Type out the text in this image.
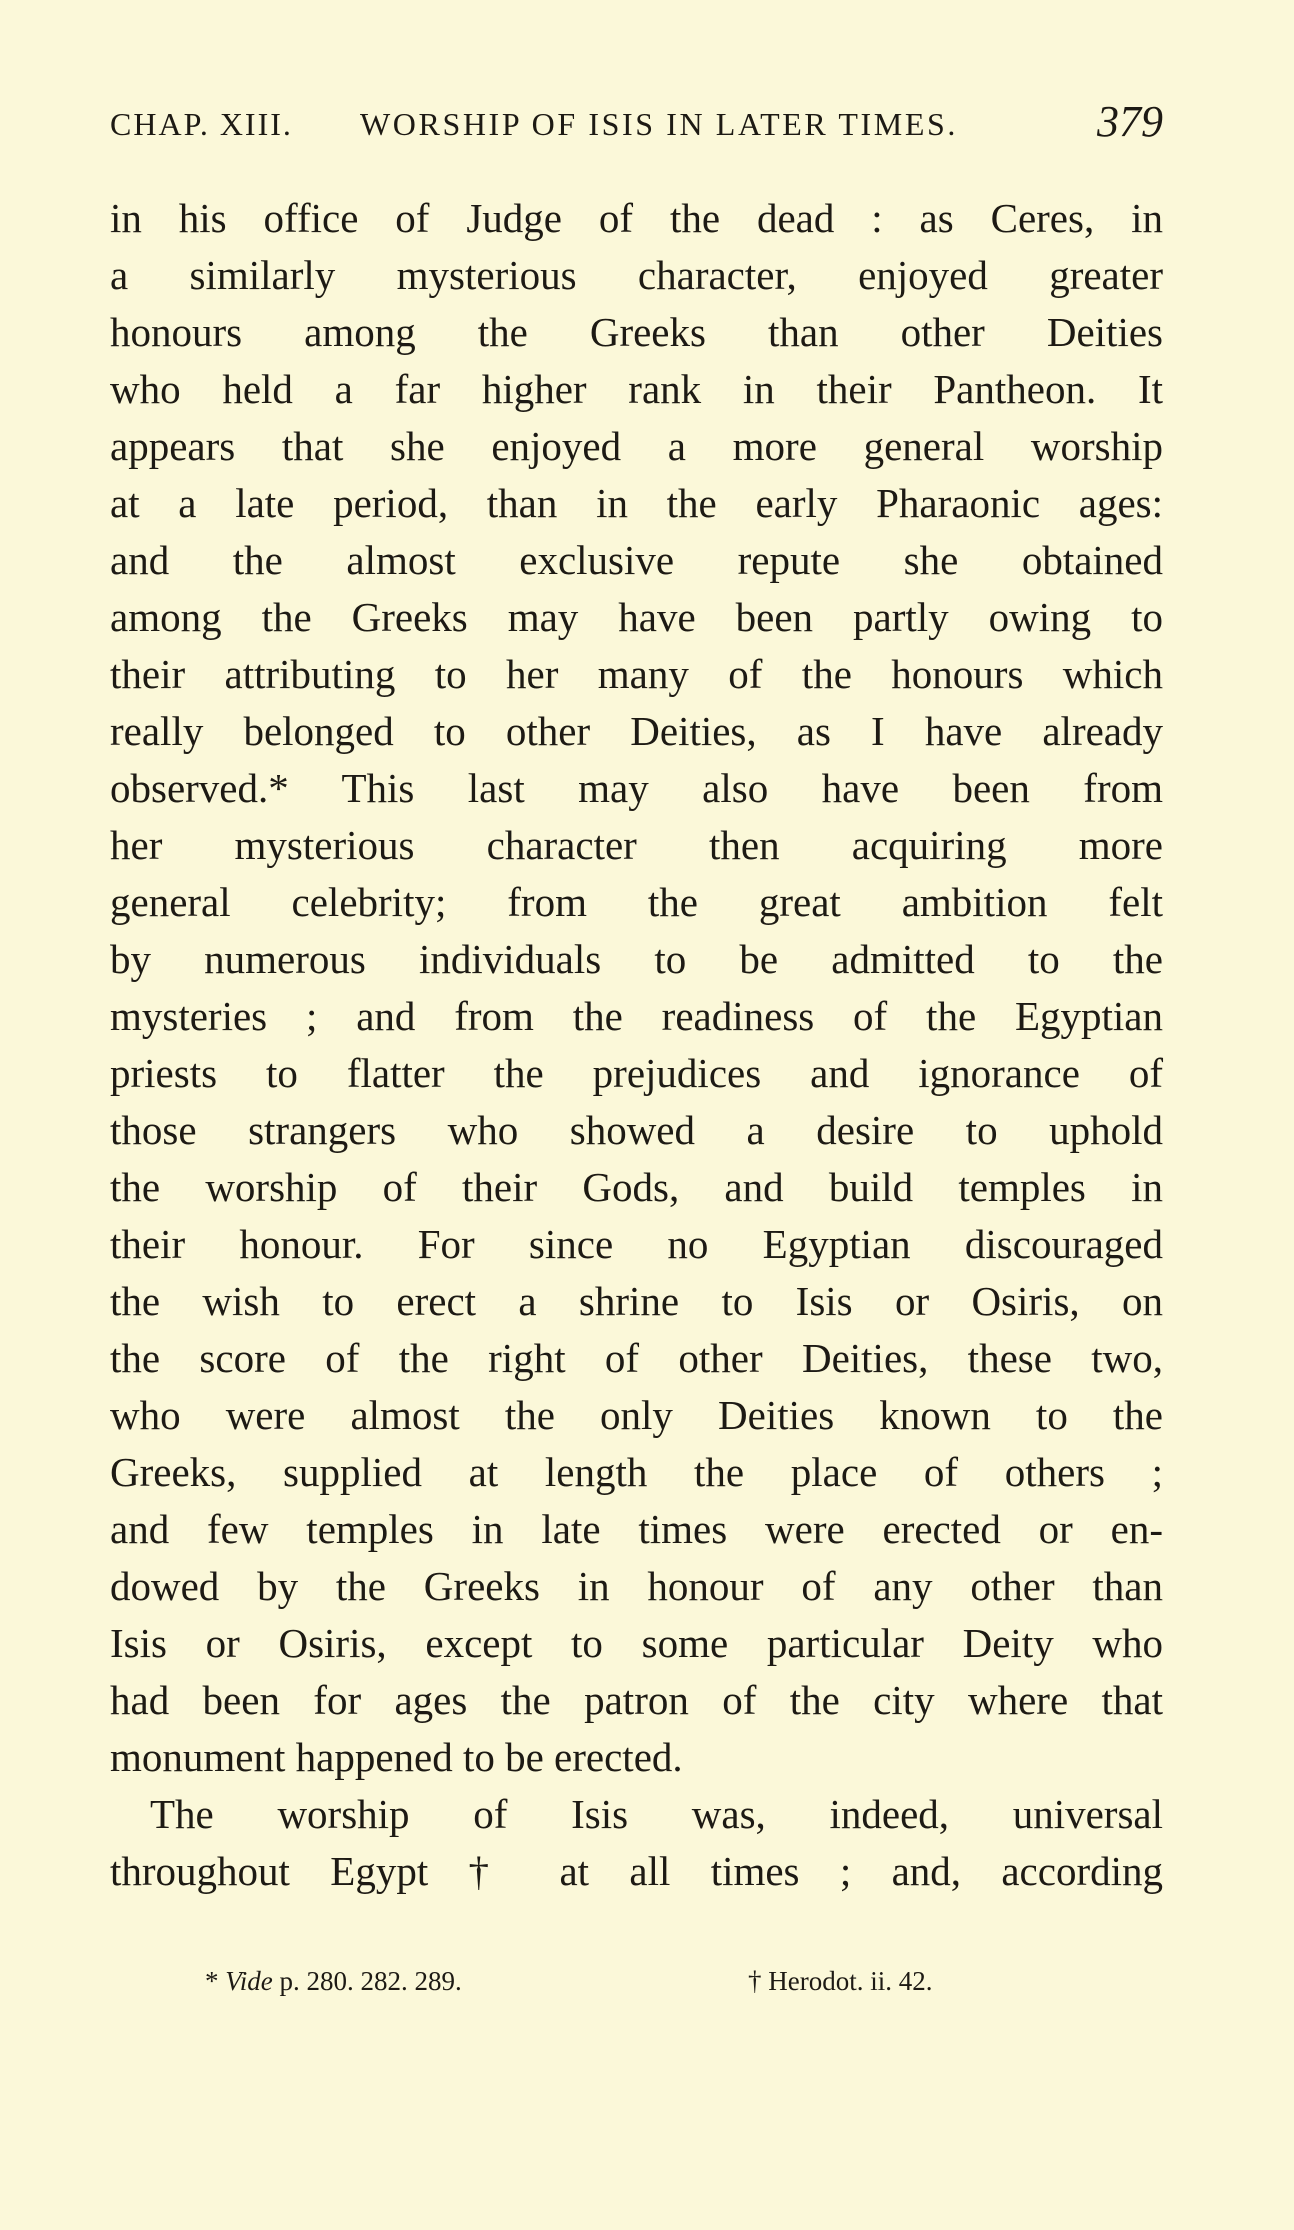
CHAP. XIII. WORSHIP OF ISIS IN LATER TIMES.	379
in his office of Judge of the dead : as Ceres, in
a similarly mysterious character, enjoyed greater
honours among the Greeks than other Deities
who held a far higher rank in their Pantheon. It
appears that she enjoyed a more general worship
at a late period, than in the early Pharaonic ages:
and the almost exclusive repute she obtained
among the Greeks may have been partly owing to
their attributing to her many of the honours which
really belonged to other Deities, as I have already
observed.* This last may also have been from
her mysterious character then acquiring more
general celebrity; from the great ambition felt
by numerous individuals to be admitted to the
mysteries ; and from the readiness of the Egyptian
priests to flatter the prejudices and ignorance of
those strangers who showed a desire to uphold
the worship of their Gods, and build temples in
their honour. For since no Egyptian discouraged
the wish to erect a shrine to Isis or Osiris, on
the score of the right of other Deities, these two,
who were almost the only Deities known to the
Greeks, supplied at length the place of others ;
and few temples in late times were erected or en-
dowed by the Greeks in honour of any other than
Isis or Osiris, except to some particular Deity who
had been for ages the patron of the city where that
monument happened to be erected.
The worship of Isis was, indeed, universal
throughout Egypt † at all times ; and, according
* Vide p. 280. 282. 289.	† Herodot. ii. 42.
